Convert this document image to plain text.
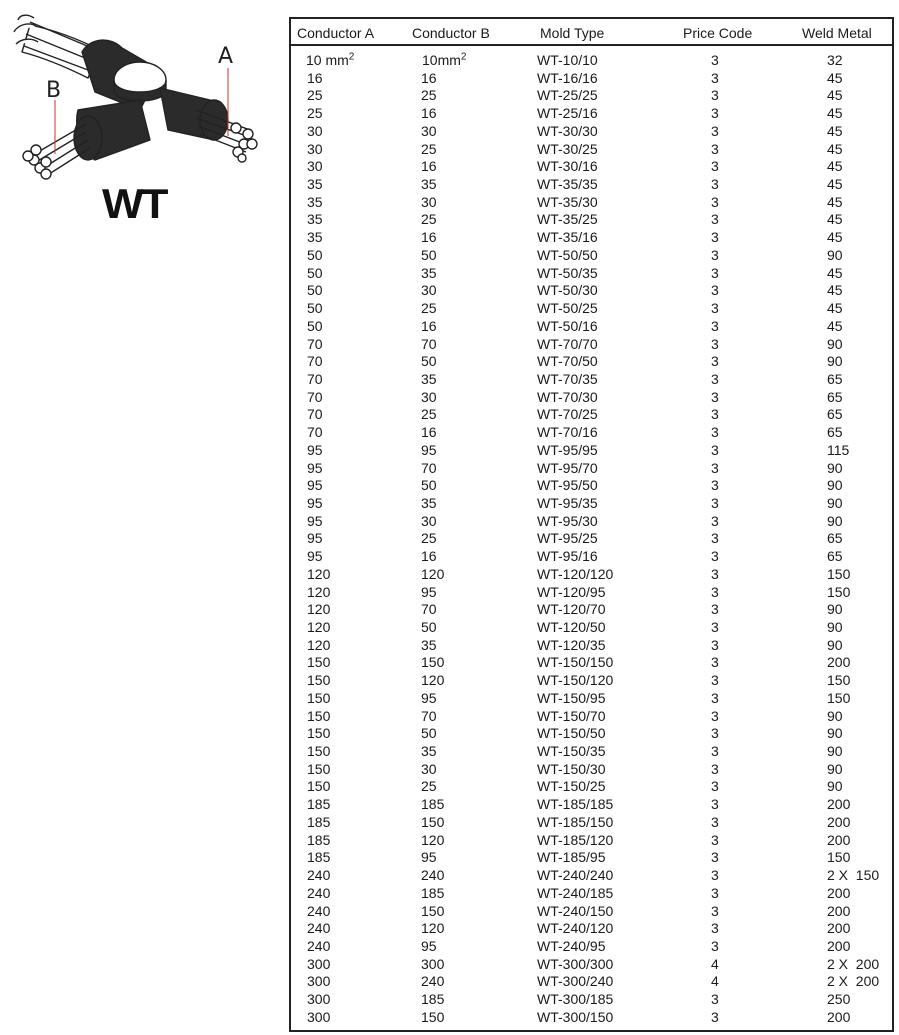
A
B
WT
Conductor A	Conductor B	Mold Type	Price Code	Weld Metal
10 $mm^2$	$10mm^2$	WT-10/10	3	32
16	16	WT-16/16	3	45
25	25	WT-25/25	3	45
25	16	WT-25/16	3	45
30	30	WT-30/30	3	45
30	25	WT-30/25	3	45
30	16	WT-30/16	3	45
35	35	WT-35/35	3	45
35	30	WT-35/30	3	45
35	25	WT-35/25	3	45
35	16	WT-35/16	3	45
50	50	WT-50/50	3	90
50	35	WT-50/35	3	45
50	30	WT-50/30	3	45
50	25	WT-50/25	3	45
50	16	WT-50/16	3	45
70	70	WT-70/70	3	90
70	50	WT-70/50	3	90
70	35	WT-70/35	3	65
70	30	WT-70/30	3	65
70	25	WT-70/25	3	65
70	16	WT-70/16	3	65
95	95	WT-95/95	3	115
95	70	WT-95/70	3	90
95	50	WT-95/50	3	90
95	35	WT-95/35	3	90
95	30	WT-95/30	3	90
95	25	WT-95/25	3	65
95	16	WT-95/16	3	65
120	120	WT-120/120	3	150
120	95	WT-120/95	3	150
120	70	WT-120/70	3	90
120	50	WT-120/50	3	90
120	35	WT-120/35	3	90
150	150	WT-150/150	3	200
150	120	WT-150/120	3	150
150	95	WT-150/95	3	150
150	70	WT-150/70	3	90
150	50	WT-150/50	3	90
150	35	WT-150/35	3	90
150	30	WT-150/30	3	90
150	25	WT-150/25	3	90
185	185	WT-185/185	3	200
185	150	WT-185/150	3	200
185	120	WT-185/120	3	200
185	95	WT-185/95	3	150
240	240	WT-240/240	3	2 X  150
240	185	WT-240/185	3	200
240	150	WT-240/150	3	200
240	120	WT-240/120	3	200
240	95	WT-240/95	3	200
300	300	WT-300/300	4	2 X  200
300	240	WT-300/240	4	2 X  200
300	185	WT-300/185	3	250
300	150	WT-300/150	3	200
